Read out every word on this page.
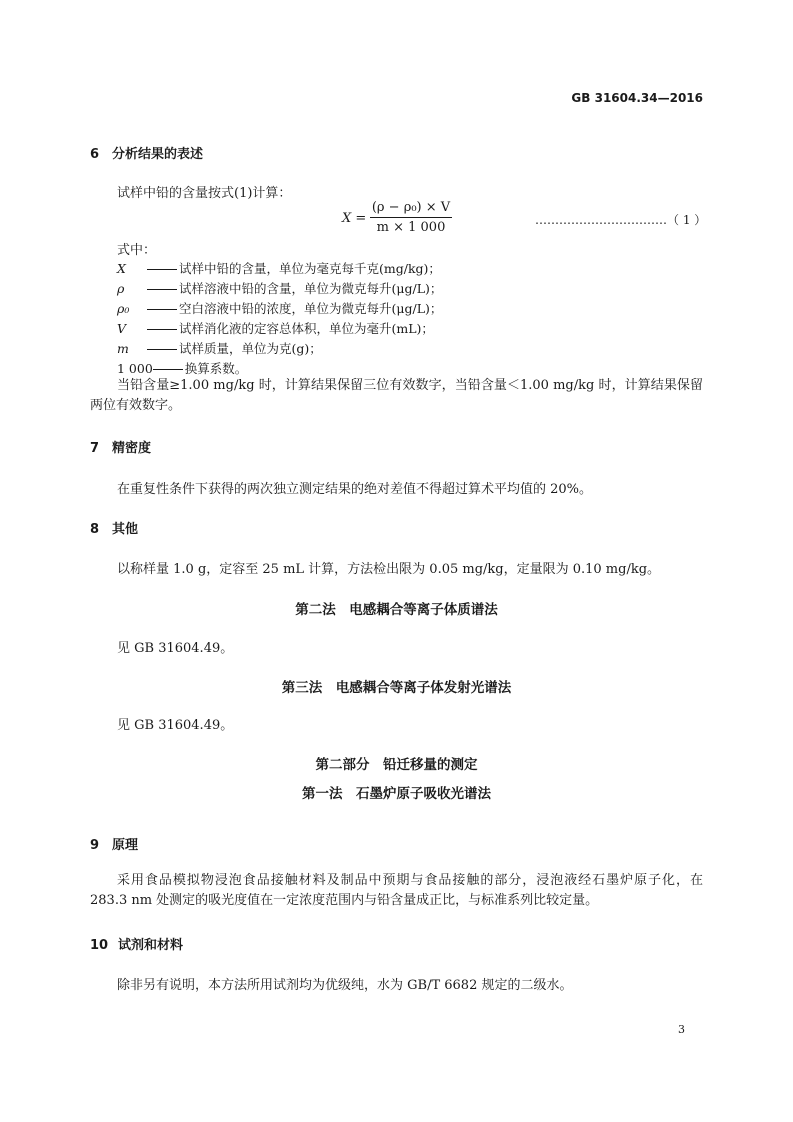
GB 31604.34—2016
6 分析结果的表述
试样中铅的含量按式(1)计算：
$X = \frac{\text{(ρ − ρ₀) × V}}{m \times 1 000}$	……………………………（ 1 ）
式中：
X	试样中铅的含量，单位为毫克每千克(mg/kg)；
ρ	试样溶液中铅的含量，单位为微克每升(μg/L)；
ρ₀	空白溶液中铅的浓度，单位为微克每升(μg/L)；
V	试样消化液的定容总体积，单位为毫升(mL)；
m	试样质量，单位为克(g)；
1 000	换算系数。
当铅含量≥1.00 mg/kg 时，计算结果保留三位有效数字，当铅含量＜1.00 mg/kg 时，计算结果保留两位有效数字。
7 精密度
在重复性条件下获得的两次独立测定结果的绝对差值不得超过算术平均值的 20%。
8 其他
以称样量 1.0 g，定容至 25 mL 计算，方法检出限为 0.05 mg/kg，定量限为 0.10 mg/kg。
第二法　电感耦合等离子体质谱法
见 GB 31604.49。
第三法　电感耦合等离子体发射光谱法
见 GB 31604.49。
第二部分　铅迁移量的测定
第一法　石墨炉原子吸收光谱法
9 原理
采用食品模拟物浸泡食品接触材料及制品中预期与食品接触的部分，浸泡液经石墨炉原子化，在 283.3 nm 处测定的吸光度值在一定浓度范围内与铅含量成正比，与标准系列比较定量。
10 试剂和材料
除非另有说明，本方法所用试剂均为优级纯，水为 GB/T 6682 规定的二级水。
3
